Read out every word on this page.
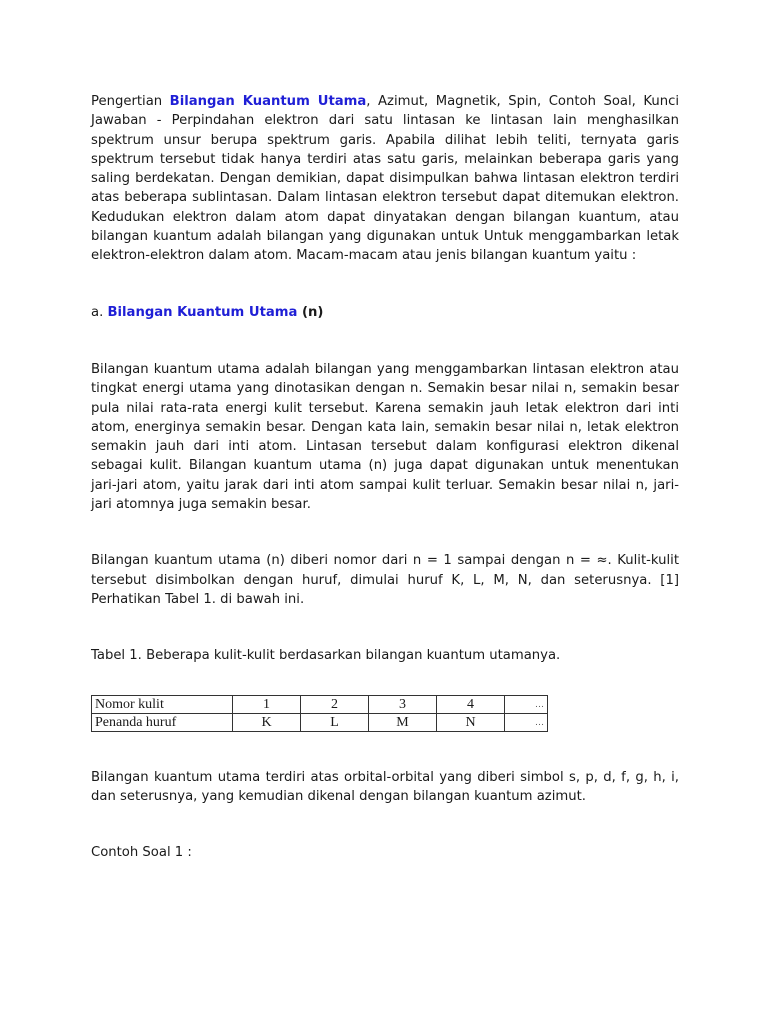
Pengertian Bilangan Kuantum Utama, Azimut, Magnetik, Spin, Contoh Soal, Kunci Jawaban - Perpindahan elektron dari satu lintasan ke lintasan lain menghasilkan spektrum unsur berupa spektrum garis. Apabila dilihat lebih teliti, ternyata garis spektrum tersebut tidak hanya terdiri atas satu garis, melainkan beberapa garis yang saling berdekatan. Dengan demikian, dapat disimpulkan bahwa lintasan elektron terdiri atas beberapa sublintasan. Dalam lintasan elektron tersebut dapat ditemukan elektron. Kedudukan elektron dalam atom dapat dinyatakan dengan bilangan kuantum, atau bilangan kuantum adalah bilangan yang digunakan untuk Untuk menggambarkan letak elektron-elektron dalam atom. Macam-macam atau jenis bilangan kuantum yaitu :

a. Bilangan Kuantum Utama (n)

Bilangan kuantum utama adalah bilangan yang menggambarkan lintasan elektron atau tingkat energi utama yang dinotasikan dengan n. Semakin besar nilai n, semakin besar pula nilai rata-rata energi kulit tersebut. Karena semakin jauh letak elektron dari inti atom, energinya semakin besar. Dengan kata lain, semakin besar nilai n, letak elektron semakin jauh dari inti atom. Lintasan tersebut dalam konfigurasi elektron dikenal sebagai kulit. Bilangan kuantum utama (n) juga dapat digunakan untuk menentukan jari-jari atom, yaitu jarak dari inti atom sampai kulit terluar. Semakin besar nilai n, jari-jari atomnya juga semakin besar.

Bilangan kuantum utama (n) diberi nomor dari n = 1 sampai dengan n = ≈. Kulit-kulit tersebut disimbolkan dengan huruf, dimulai huruf K, L, M, N, dan seterusnya. [1] Perhatikan Tabel 1. di bawah ini.

Tabel 1. Beberapa kulit-kulit berdasarkan bilangan kuantum utamanya.

Nomor kulit	1	2	3	4	…
Penanda huruf	K	L	M	N	…

Bilangan kuantum utama terdiri atas orbital-orbital yang diberi simbol s, p, d, f, g, h, i, dan seterusnya, yang kemudian dikenal dengan bilangan kuantum azimut.

Contoh Soal 1 :
